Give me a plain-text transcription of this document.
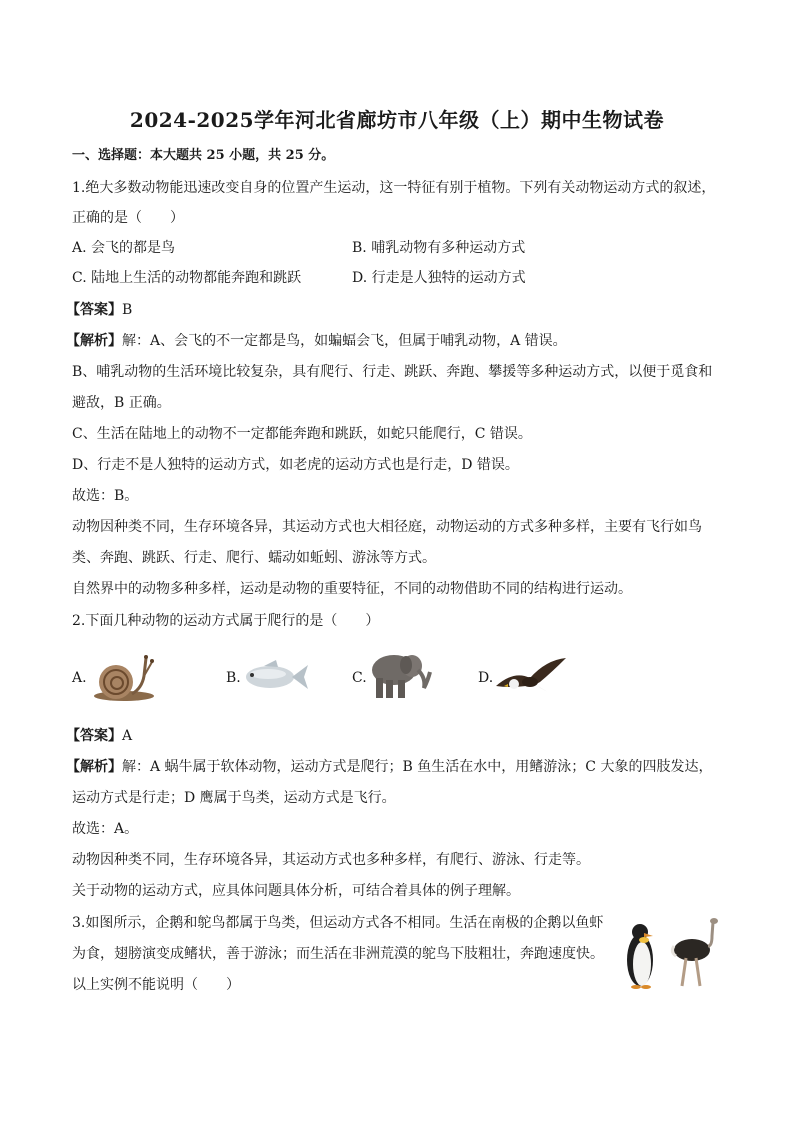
2024-2025学年河北省廊坊市八年级（上）期中生物试卷
一、选择题：本大题共 25 小题，共 25 分。
1.绝大多数动物能迅速改变自身的位置产生运动，这一特征有别于植物。下列有关动物运动方式的叙述，
正确的是（　　）
A. 会飞的都是鸟	B. 哺乳动物有多种运动方式
C. 陆地上生活的动物都能奔跑和跳跃	D. 行走是人独特的运动方式
【答案】B
【解析】解：A、会飞的不一定都是鸟，如蝙蝠会飞，但属于哺乳动物，A 错误。
B、哺乳动物的生活环境比较复杂，具有爬行、行走、跳跃、奔跑、攀援等多种运动方式，以便于觅食和
避敌，B 正确。
C、生活在陆地上的动物不一定都能奔跑和跳跃，如蛇只能爬行，C 错误。
D、行走不是人独特的运动方式，如老虎的运动方式也是行走，D 错误。
故选：B。
动物因种类不同，生存环境各异，其运动方式也大相径庭，动物运动的方式多种多样，主要有飞行如鸟
类、奔跑、跳跃、行走、爬行、蠕动如蚯蚓、游泳等方式。
自然界中的动物多种多样，运动是动物的重要特征，不同的动物借助不同的结构进行运动。
2.下面几种动物的运动方式属于爬行的是（　　）
A.	B.	C.	D.
【答案】A
【解析】解：A 蜗牛属于软体动物，运动方式是爬行；B 鱼生活在水中，用鳍游泳；C 大象的四肢发达，
运动方式是行走；D 鹰属于鸟类，运动方式是飞行。
故选：A。
动物因种类不同，生存环境各异，其运动方式也多种多样，有爬行、游泳、行走等。
关于动物的运动方式，应具体问题具体分析，可结合着具体的例子理解。
3.如图所示，企鹅和鸵鸟都属于鸟类，但运动方式各不相同。生活在南极的企鹅以鱼虾
为食，翅膀演变成鳍状，善于游泳；而生活在非洲荒漠的鸵鸟下肢粗壮，奔跑速度快。
以上实例不能说明（　　）
